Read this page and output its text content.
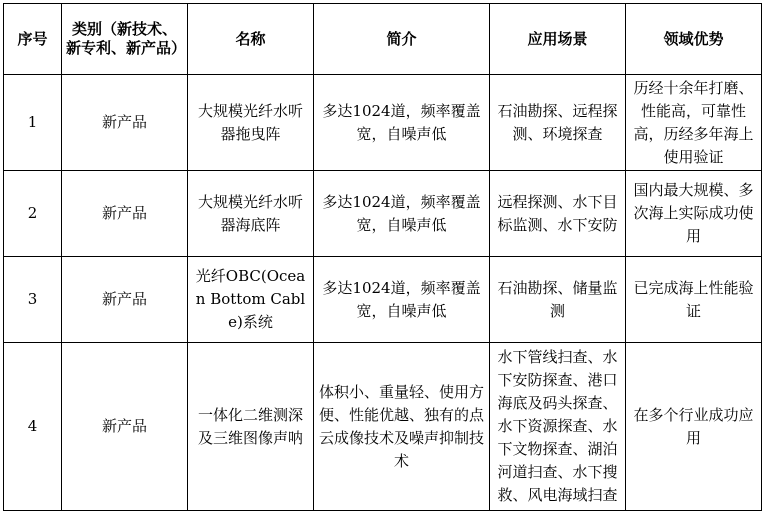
序号	类别（新技术、新专利、新产品）	名称	简介	应用场景	领域优势
1	新产品	大规模光纤水听器拖曳阵	多达1024道，频率覆盖宽，自噪声低	石油勘探、远程探测、环境探查	历经十余年打磨、性能高，可靠性高，历经多年海上使用验证
2	新产品	大规模光纤水听器海底阵	多达1024道，频率覆盖宽，自噪声低	远程探测、水下目标监测、水下安防	国内最大规模、多次海上实际成功使用
3	新产品	光纤OBC(Ocean Bottom Cable)系统	多达1024道，频率覆盖宽，自噪声低	石油勘探、储量监测	已完成海上性能验证
4	新产品	一体化二维测深及三维图像声呐	体积小、重量轻、使用方便、性能优越、独有的点云成像技术及噪声抑制技术	水下管线扫查、水下安防探查、港口海底及码头探查、水下资源探查、水下文物探查、湖泊河道扫查、水下搜救、风电海域扫查	在多个行业成功应用
